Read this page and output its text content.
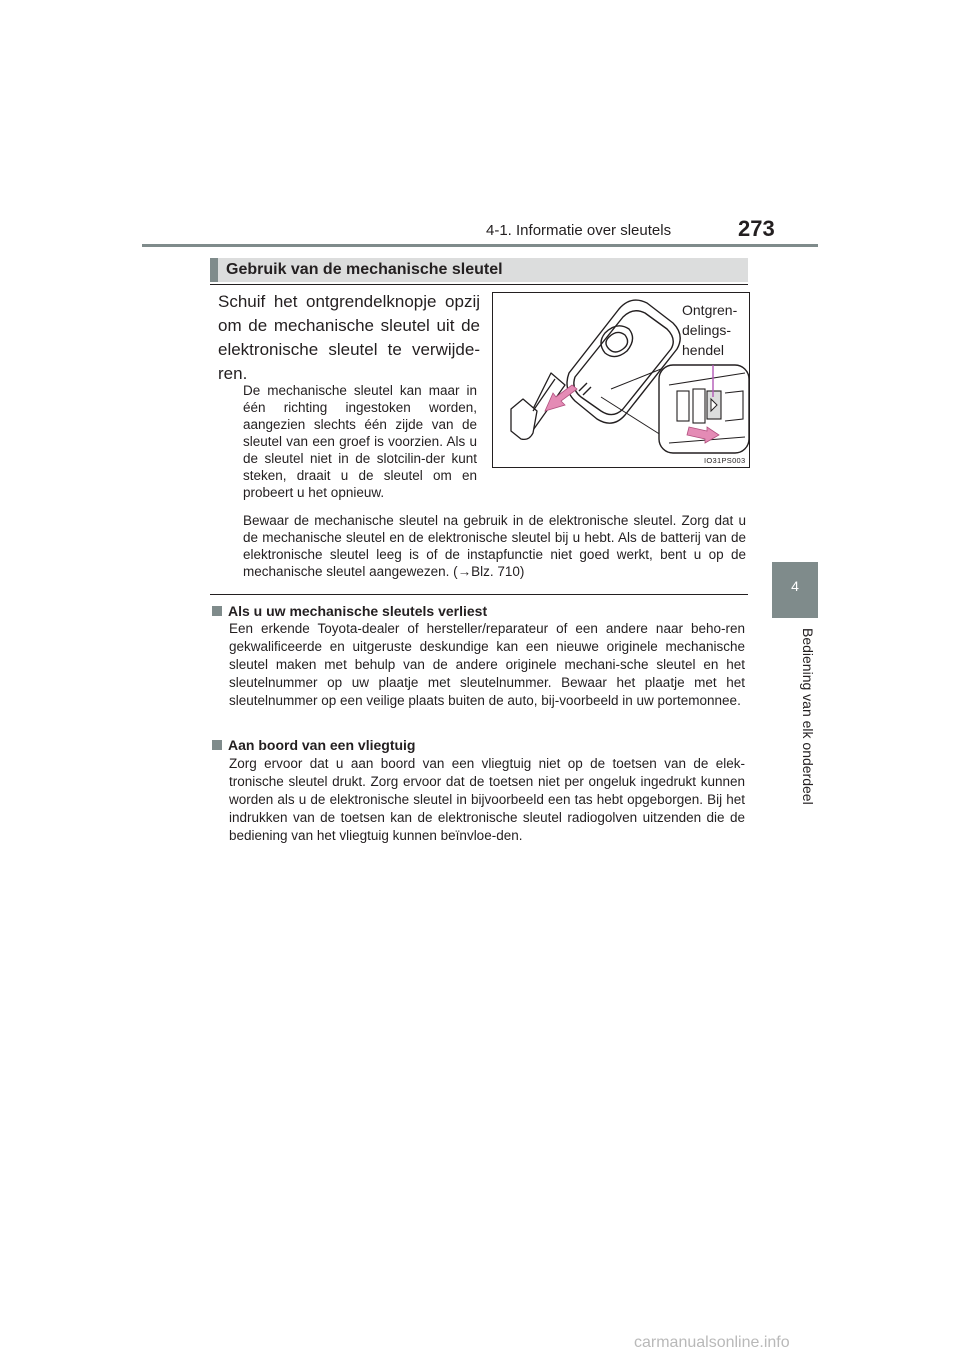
4-1. Informatie over sleutels	273
4
Bediening van elk onderdeel
Gebruik van de mechanische sleutel
Schuif het ontgrendelknopje opzij om de mechanische sleutel uit de elektronische sleutel te verwijde-ren.
De mechanische sleutel kan maar in één richting ingestoken worden, aangezien slechts één zijde van de sleutel van een groef is voorzien. Als u de sleutel niet in de slotcilin-der kunt steken, draait u de sleutel om en probeert u het opnieuw.
Bewaar de mechanische sleutel na gebruik in de elektronische sleutel. Zorg dat u de mechanische sleutel en de elektronische sleutel bij u hebt. Als de batterij van de elektronische sleutel leeg is of de instapfunctie niet goed werkt, bent u op de mechanische sleutel aangewezen. (→Blz. 710)
Ontgren-
delings-
hendel
IO31PS003
Als u uw mechanische sleutels verliest
Een erkende Toyota-dealer of hersteller/reparateur of een andere naar beho-ren gekwalificeerde en uitgeruste deskundige kan een nieuwe originele mechanische sleutel maken met behulp van de andere originele mechani-sche sleutel en het sleutelnummer op uw plaatje met sleutelnummer. Bewaar het plaatje met het sleutelnummer op een veilige plaats buiten de auto, bij-voorbeeld in uw portemonnee.
Aan boord van een vliegtuig
Zorg ervoor dat u aan boord van een vliegtuig niet op de toetsen van de elek-tronische sleutel drukt. Zorg ervoor dat de toetsen niet per ongeluk ingedrukt kunnen worden als u de elektronische sleutel in bijvoorbeeld een tas hebt opgeborgen. Bij het indrukken van de toetsen kan de elektronische sleutel radiogolven uitzenden die de bediening van het vliegtuig kunnen beïnvloe-den.
carmanualsonline.info
